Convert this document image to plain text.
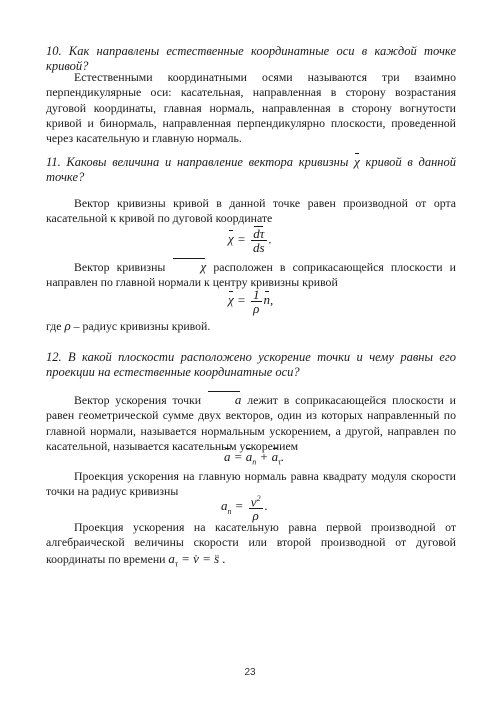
10. Как направлены естественные координатные оси в каждой точке кривой?

Естественными координатными осями называются три взаимно перпендикулярные оси: касательная, направленная в сторону возрастания дуговой координаты, главная нормаль, направленная в сторону вогнутости кривой и бинормаль, направленная перпендикулярно плоскости, проведенной через касательную и главную нормаль.

11. Каковы величина и направление вектора кривизны χ кривой в данной точке?

Вектор кривизны кривой в данной точке равен производной от орта касательной к кривой по дуговой координате

$\chi = \frac{d\tau}{ds}$ .

Вектор кривизны	χ расположен в соприкасающейся плоскости и направлен по главной нормали к центру кривизны кривой

$\chi = \frac{1}{\rho} n$,

где ρ – радиус кривизны кривой.

12. В какой плоскости расположено ускорение точки и чему равны его проекции на естественные координатные оси?

Вектор ускорения точки	a лежит в соприкасающейся плоскости и равен геометрической сумме двух векторов, один из которых направленный по главной нормали, называется нормальным ускорением, а другой, направлен по касательной, называется касательным ускорением

$a = a_n + a_\tau$.

Проекция ускорения на главную нормаль равна квадрату модуля скорости точки на радиус кривизны

$a_n = \frac{v^2}{\rho}$ .

Проекция ускорения на касательную равна первой производной от алгебраической величины скорости или второй производной от дуговой координаты по времени $a_\tau$ = v̇ = s̈ .

23
